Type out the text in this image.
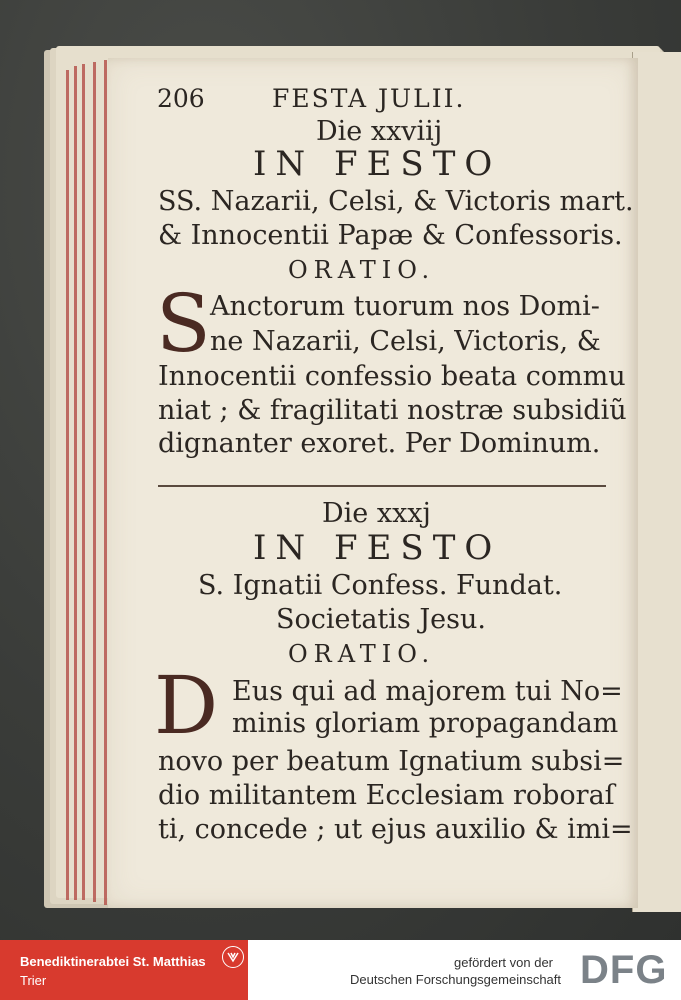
206	FESTA JULII.
Die xxviij
IN FESTO
SS. Nazarii, Celsi, & Victoris mart.
& Innocentii Papæ & Confessoris.
ORATIO.
S Anctorum tuorum nos Domi-
ne Nazarii, Celsi, Victoris, &
Innocentii confessio beata commu
niat ; & fragilitati nostræ subsidiũ
dignanter exoret. Per Dominum.
Die xxxj
IN FESTO
S. Ignatii Confess. Fundat.
Societatis Jesu.
ORATIO.
D Eus qui ad majorem tui No=
minis gloriam propagandam
novo per beatum Ignatium subsi=
dio militantem Ecclesiam roboraſ
ti, concede ; ut ejus auxilio & imi=
Benediktinerabtei St. Matthias
Trier
gefördert von der
Deutschen Forschungsgemeinschaft DFG
